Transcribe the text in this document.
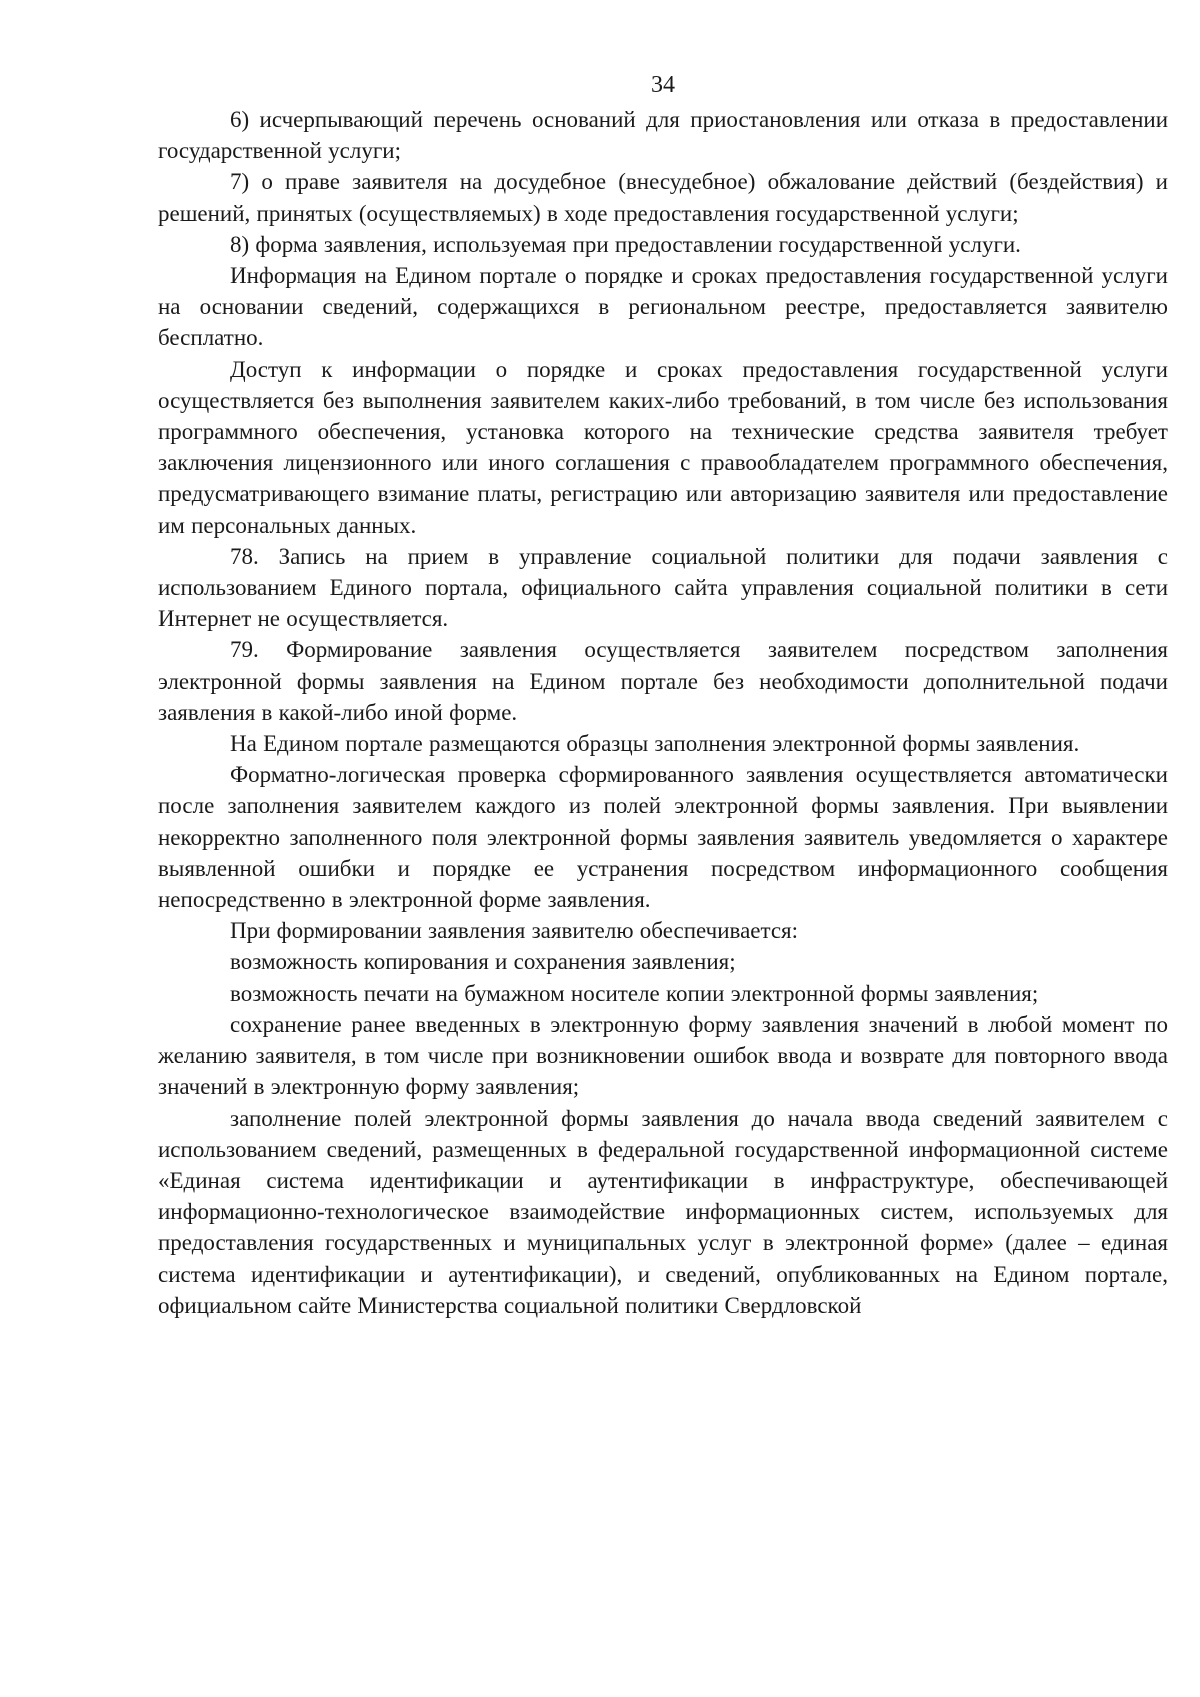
34

6) исчерпывающий перечень оснований для приостановления или отказа в предоставлении государственной услуги;

7) о праве заявителя на досудебное (внесудебное) обжалование действий (бездействия) и решений, принятых (осуществляемых) в ходе предоставления государственной услуги;

8) форма заявления, используемая при предоставлении государственной услуги.

Информация на Едином портале о порядке и сроках предоставления государственной услуги на основании сведений, содержащихся в региональном реестре, предоставляется заявителю бесплатно.

Доступ к информации о порядке и сроках предоставления государственной услуги осуществляется без выполнения заявителем каких-либо требований, в том числе без использования программного обеспечения, установка которого на технические средства заявителя требует заключения лицензионного или иного соглашения с правообладателем программного обеспечения, предусматривающего взимание платы, регистрацию или авторизацию заявителя или предоставление им персональных данных.

78. Запись на прием в управление социальной политики для подачи заявления с использованием Единого портала, официального сайта управления социальной политики в сети Интернет не осуществляется.

79. Формирование заявления осуществляется заявителем посредством заполнения электронной формы заявления на Едином портале без необходимости дополнительной подачи заявления в какой-либо иной форме.

На Едином портале размещаются образцы заполнения электронной формы заявления.

Форматно-логическая проверка сформированного заявления осуществляется автоматически после заполнения заявителем каждого из полей электронной формы заявления. При выявлении некорректно заполненного поля электронной формы заявления заявитель уведомляется о характере выявленной ошибки и порядке ее устранения посредством информационного сообщения непосредственно в электронной форме заявления.

При формировании заявления заявителю обеспечивается:

возможность копирования и сохранения заявления;

возможность печати на бумажном носителе копии электронной формы заявления;

сохранение ранее введенных в электронную форму заявления значений в любой момент по желанию заявителя, в том числе при возникновении ошибок ввода и возврате для повторного ввода значений в электронную форму заявления;

заполнение полей электронной формы заявления до начала ввода сведений заявителем с использованием сведений, размещенных в федеральной государственной информационной системе «Единая система идентификации и аутентификации в инфраструктуре, обеспечивающей информационно-технологическое взаимодействие информационных систем, используемых для предоставления государственных и муниципальных услуг в электронной форме» (далее – единая система идентификации и аутентификации), и сведений, опубликованных на Едином портале, официальном сайте Министерства социальной политики Свердловской
